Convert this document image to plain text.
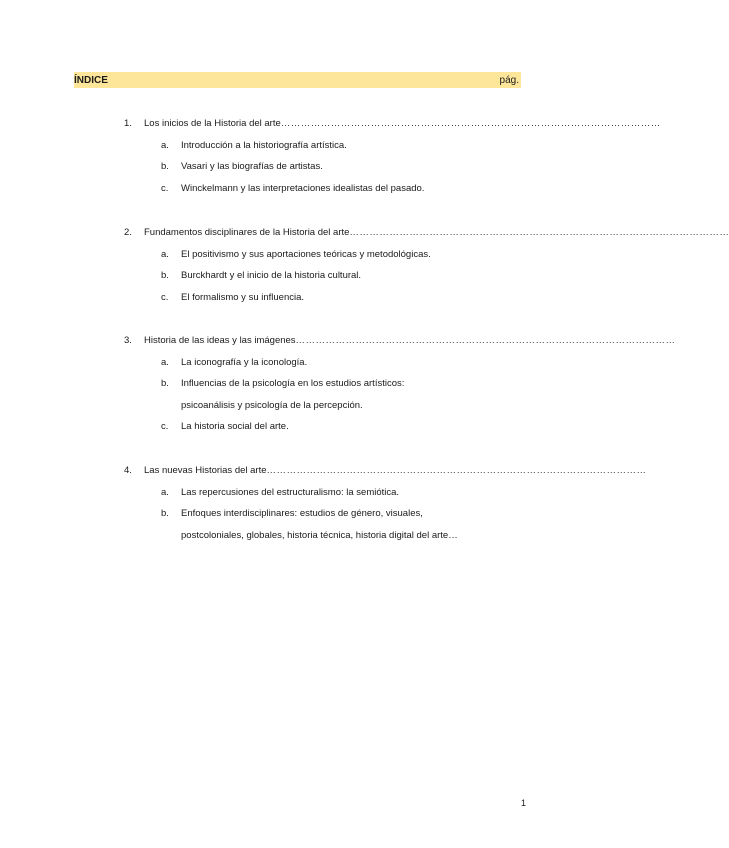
ÍNDICE	pág.
1.	Los inicios de la Historia del arte ……………………………………………………………………………………………………
a.	Introducción a la historiografía artística.
b.	Vasari y las biografías de artistas.
c.	Winckelmann y las interpretaciones idealistas del pasado.
2.	Fundamentos disciplinares de la Historia del arte ……………………………………………………………………………………………………
a.	El positivismo y sus aportaciones teóricas y metodológicas.
b.	Burckhardt y el inicio de la historia cultural.
c.	El formalismo y su influencia.
3.	Historia de las ideas y las imágenes ……………………………………………………………………………………………………
a.	La iconografía y la iconología.
b.	Influencias de la psicología en los estudios artísticos:
psicoanálisis y psicología de la percepción.
c.	La historia social del arte.
4.	Las nuevas Historias del arte ……………………………………………………………………………………………………
a.	Las repercusiones del estructuralismo: la semiótica.
b.	Enfoques interdisciplinares: estudios de género, visuales,
postcoloniales, globales, historia técnica, historia digital del arte…
1
